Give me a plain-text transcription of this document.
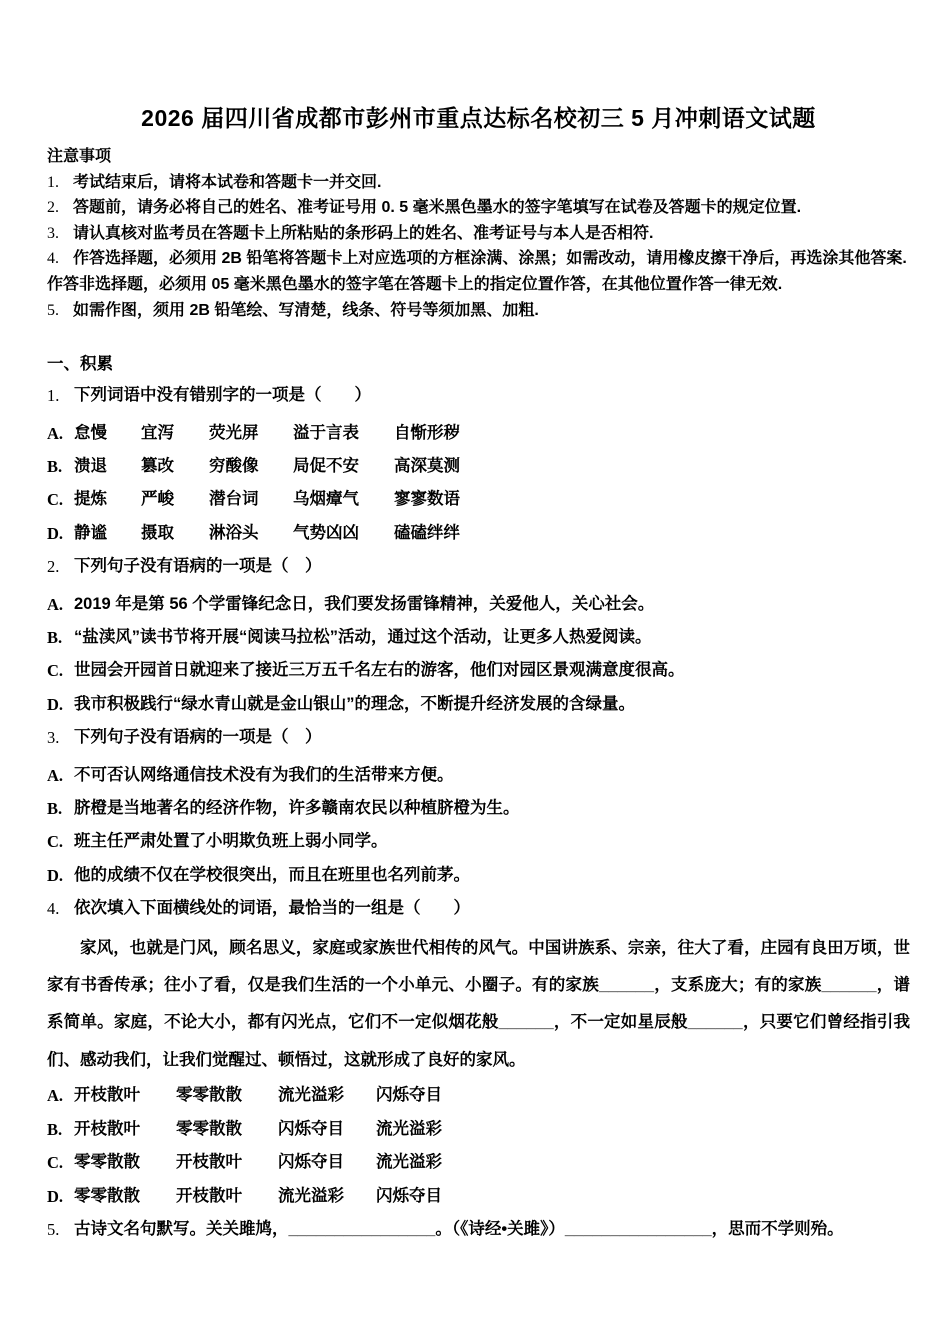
2026 届四川省成都市彭州市重点达标名校初三 5 月冲刺语文试题
注意事项
1. 考试结束后，请将本试卷和答题卡一并交回.
2. 答题前，请务必将自己的姓名、准考证号用 0. 5 毫米黑色墨水的签字笔填写在试卷及答题卡的规定位置.
3. 请认真核对监考员在答题卡上所粘贴的条形码上的姓名、准考证号与本人是否相符.
4. 作答选择题，必须用 2B 铅笔将答题卡上对应选项的方框涂满、涂黑；如需改动，请用橡皮擦干净后，再选涂其他答案. 作答非选择题，必须用 05 毫米黑色墨水的签字笔在答题卡上的指定位置作答，在其他位置作答一律无效.
5. 如需作图，须用 2B 铅笔绘、写清楚，线条、符号等须加黑、加粗.
一、积累
1. 下列词语中没有错别字的一项是（　　）
A. 怠慢	宜泻	荧光屏	溢于言表	自惭形秽
B. 溃退	篡改	穷酸像	局促不安	高深莫测
C. 提炼	严峻	潜台词	乌烟瘴气	寥寥数语
D. 静谧	摄取	淋浴头	气势凶凶	磕磕绊绊
2. 下列句子没有语病的一项是（　）
A. 2019 年是第 56 个学雷锋纪念日，我们要发扬雷锋精神，关爱他人，关心社会。
B. “盐渎风”读书节将开展“阅读马拉松”活动，通过这个活动，让更多人热爱阅读。
C. 世园会开园首日就迎来了接近三万五千名左右的游客，他们对园区景观满意度很高。
D. 我市积极践行“绿水青山就是金山银山”的理念，不断提升经济发展的含绿量。
3. 下列句子没有语病的一项是（　）
A. 不可否认网络通信技术没有为我们的生活带来方便。
B. 脐橙是当地著名的经济作物，许多赣南农民以种植脐橙为生。
C. 班主任严肃处置了小明欺负班上弱小同学。
D. 他的成绩不仅在学校很突出，而且在班里也名列前茅。
4. 依次填入下面横线处的词语，最恰当的一组是（　　）

家风，也就是门风，顾名思义，家庭或家族世代相传的风气。中国讲族系、宗亲，往大了看，庄园有良田万顷，世家有书香传承；往小了看，仅是我们生活的一个小单元、小圈子。有的家族______，支系庞大；有的家族______，谱系简单。家庭，不论大小，都有闪光点，它们不一定似烟花般______，不一定如星辰般______，只要它们曾经指引我们、感动我们，让我们觉醒过、顿悟过，这就形成了良好的家风。

A. 开枝散叶	零零散散	流光溢彩	闪烁夺目
B. 开枝散叶	零零散散	闪烁夺目	流光溢彩
C. 零零散散	开枝散叶	闪烁夺目	流光溢彩
D. 零零散散	开枝散叶	流光溢彩	闪烁夺目
5. 古诗文名句默写。关关雎鸠，________________。（《诗经•关雎》）________________，思而不学则殆。
